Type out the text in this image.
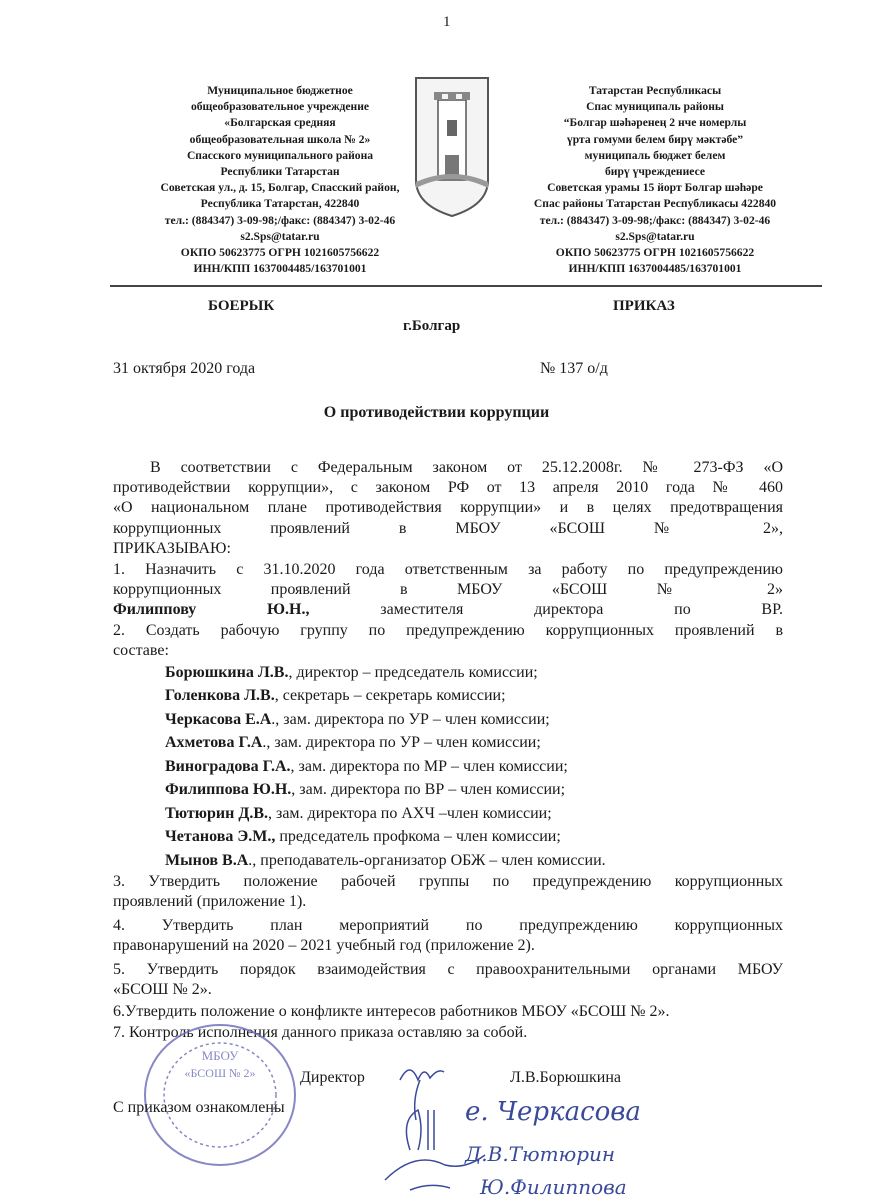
1
Муниципальное бюджетное
общеобразовательное учреждение
«Болгарская средняя
общеобразовательная школа № 2»
Спасского муниципального района
Республики Татарстан
Советская ул., д. 15, Болгар, Спасский район,
Республика Татарстан, 422840
тел.: (884347) 3-09-98;/факс: (884347) 3-02-46
s2.Sps@tatar.ru
ОКПО 50623775 ОГРН 1021605756622
ИНН/КПП 1637004485/163701001
Татарстан Республикасы
Спас муниципаль районы
“Болгар шәһәренең 2 нче номерлы
үрта гомуми белем бирү мәктәбе”
муниципаль бюджет белем
бирү үчреждениесе
Советская урамы 15 йорт Болгар шәһәре
Спас районы Татарстан Республикасы 422840
тел.: (884347) 3-09-98;/факс: (884347) 3-02-46
s2.Sps@tatar.ru
ОКПО 50623775 ОГРН 1021605756622
ИНН/КПП 1637004485/163701001
БОЕРЫК	ПРИКАЗ
г.Болгар
31 октября 2020 года	№ 137 о/д
О противодействии коррупции
В соответствии с Федеральным законом от 25.12.2008г. № 273-ФЗ «О
противодействии коррупции», с законом РФ от 13 апреля 2010 года № 460
«О национальном плане противодействия коррупции» и в целях предотвращения
коррупционных проявлений в МБОУ «БСОШ № 2»,
ПРИКАЗЫВАЮ:
1. Назначить с 31.10.2020 года ответственным за работу по предупреждению
коррупционных проявлений в МБОУ «БСОШ № 2»
Филиппову Ю.Н.,	заместителя директора по ВР.
2. Создать рабочую группу по предупреждению коррупционных проявлений в
составе:
Борюшкина Л.В., директор – председатель комиссии;
Голенкова Л.В., секретарь – секретарь комиссии;
Черкасова Е.А., зам. директора по УР – член комиссии;
Ахметова Г.А., зам. директора по УР – член комиссии;
Виноградова Г.А., зам. директора по МР – член комиссии;
Филиппова Ю.Н., зам. директора по ВР – член комиссии;
Тютюрин Д.В., зам. директора по АХЧ –член комиссии;
Четанова Э.М., председатель профкома – член комиссии;
Мынов В.А., преподаватель-организатор ОБЖ – член комиссии.
3. Утвердить положение рабочей группы по предупреждению коррупционных
проявлений (приложение 1).
4. Утвердить план мероприятий по предупреждению коррупционных
правонарушений на 2020 – 2021 учебный год (приложение 2).
5. Утвердить порядок взаимодействия с правоохранительными органами МБОУ
«БСОШ № 2».
6.Утвердить положение о конфликте интересов работников МБОУ «БСОШ № 2».
7. Контроль исполнения данного приказа оставляю за собой.
МБОУ
«БСОШ № 2»	Директор	Л.В.Борюшкина
С приказом ознакомлены	е. Черкасова
Д.В.Тютюрин
Ю.Филиппова
